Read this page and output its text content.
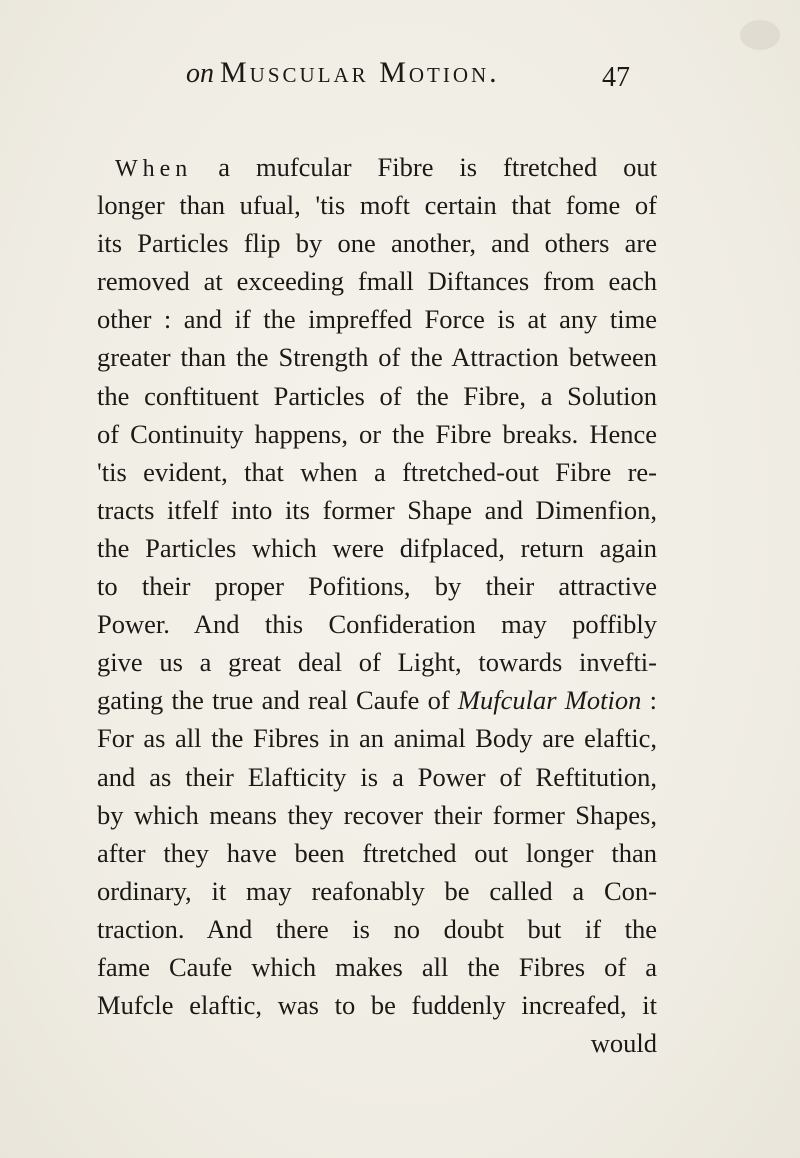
on Muscular Motion.	47
When a mufcular Fibre is ftretched out
longer than ufual, 'tis moft certain that fome of
its Particles flip by one another, and others are
removed at exceeding fmall Diftances from each
other : and if the impreffed Force is at any time
greater than the Strength of the Attraction between
the conftituent Particles of the Fibre, a Solution
of Continuity happens, or the Fibre breaks. Hence
'tis evident, that when a ftretched-out Fibre re-
tracts itfelf into its former Shape and Dimenfion,
the Particles which were difplaced, return again
to their proper Pofitions, by their attractive
Power. And this Confideration may poffibly
give us a great deal of Light, towards invefti-
gating the true and real Caufe of Mufcular Motion :
For as all the Fibres in an animal Body are elaftic,
and as their Elafticity is a Power of Reftitution,
by which means they recover their former Shapes,
after they have been ftretched out longer than
ordinary, it may reafonably be called a Con-
traction. And there is no doubt but if the
fame Caufe which makes all the Fibres of a
Mufcle elaftic, was to be fuddenly increafed, it
would
